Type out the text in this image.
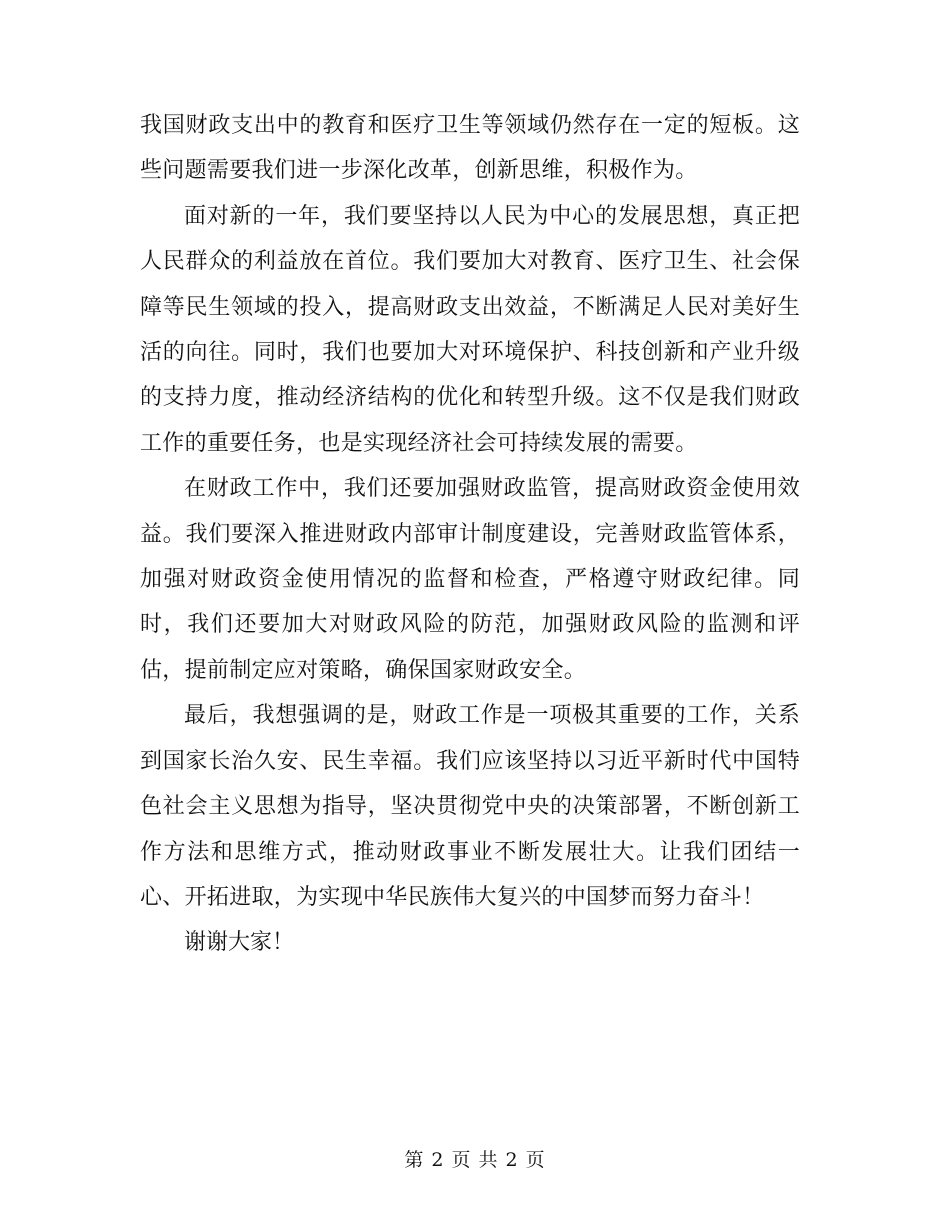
我国财政支出中的教育和医疗卫生等领域仍然存在一定的短板。这些问题需要我们进一步深化改革，创新思维，积极作为。

面对新的一年，我们要坚持以人民为中心的发展思想，真正把人民群众的利益放在首位。我们要加大对教育、医疗卫生、社会保障等民生领域的投入，提高财政支出效益，不断满足人民对美好生活的向往。同时，我们也要加大对环境保护、科技创新和产业升级的支持力度，推动经济结构的优化和转型升级。这不仅是我们财政工作的重要任务，也是实现经济社会可持续发展的需要。

在财政工作中，我们还要加强财政监管，提高财政资金使用效益。我们要深入推进财政内部审计制度建设，完善财政监管体系，加强对财政资金使用情况的监督和检查，严格遵守财政纪律。同时，我们还要加大对财政风险的防范，加强财政风险的监测和评估，提前制定应对策略，确保国家财政安全。

最后，我想强调的是，财政工作是一项极其重要的工作，关系到国家长治久安、民生幸福。我们应该坚持以习近平新时代中国特色社会主义思想为指导，坚决贯彻党中央的决策部署，不断创新工作方法和思维方式，推动财政事业不断发展壮大。让我们团结一心、开拓进取，为实现中华民族伟大复兴的中国梦而努力奋斗！

谢谢大家！

第 2 页 共 2 页
